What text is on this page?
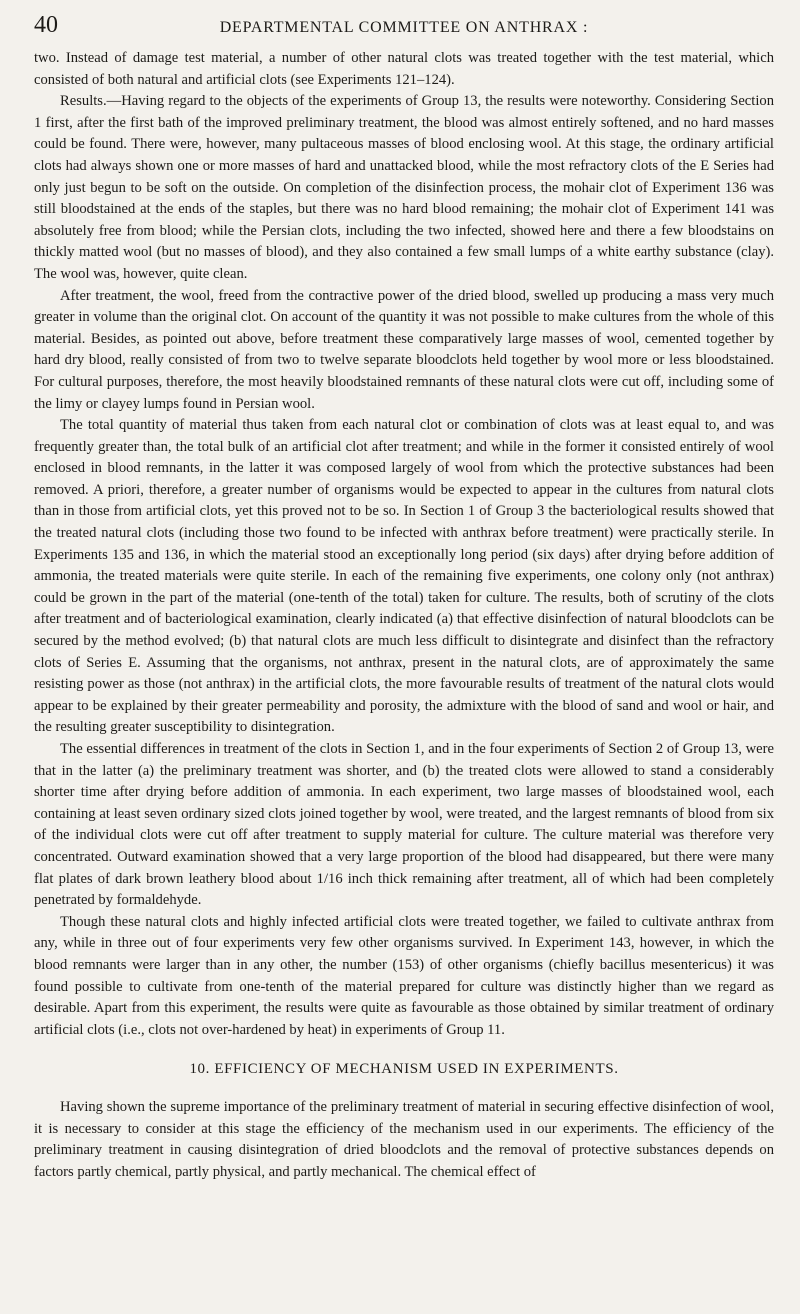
40	DEPARTMENTAL COMMITTEE ON ANTHRAX :

two. Instead of damage test material, a number of other natural clots was treated together with the test material, which consisted of both natural and artificial clots (see Experiments 121–124).

Results.—Having regard to the objects of the experiments of Group 13, the results were noteworthy. Considering Section 1 first, after the first bath of the improved preliminary treatment, the blood was almost entirely softened, and no hard masses could be found. There were, however, many pultaceous masses of blood enclosing wool. At this stage, the ordinary artificial clots had always shown one or more masses of hard and unattacked blood, while the most refractory clots of the E Series had only just begun to be soft on the outside. On completion of the disinfection process, the mohair clot of Experiment 136 was still bloodstained at the ends of the staples, but there was no hard blood remaining; the mohair clot of Experiment 141 was absolutely free from blood; while the Persian clots, including the two infected, showed here and there a few bloodstains on thickly matted wool (but no masses of blood), and they also contained a few small lumps of a white earthy substance (clay). The wool was, however, quite clean.

After treatment, the wool, freed from the contractive power of the dried blood, swelled up producing a mass very much greater in volume than the original clot. On account of the quantity it was not possible to make cultures from the whole of this material. Besides, as pointed out above, before treatment these comparatively large masses of wool, cemented together by hard dry blood, really consisted of from two to twelve separate bloodclots held together by wool more or less bloodstained. For cultural purposes, therefore, the most heavily bloodstained remnants of these natural clots were cut off, including some of the limy or clayey lumps found in Persian wool.

The total quantity of material thus taken from each natural clot or combination of clots was at least equal to, and was frequently greater than, the total bulk of an artificial clot after treatment; and while in the former it consisted entirely of wool enclosed in blood remnants, in the latter it was composed largely of wool from which the protective substances had been removed. A priori, therefore, a greater number of organisms would be expected to appear in the cultures from natural clots than in those from artificial clots, yet this proved not to be so. In Section 1 of Group 3 the bacteriological results showed that the treated natural clots (including those two found to be infected with anthrax before treatment) were practically sterile. In Experiments 135 and 136, in which the material stood an exceptionally long period (six days) after drying before addition of ammonia, the treated materials were quite sterile. In each of the remaining five experiments, one colony only (not anthrax) could be grown in the part of the material (one-tenth of the total) taken for culture. The results, both of scrutiny of the clots after treatment and of bacteriological examination, clearly indicated (a) that effective disinfection of natural bloodclots can be secured by the method evolved; (b) that natural clots are much less difficult to disintegrate and disinfect than the refractory clots of Series E. Assuming that the organisms, not anthrax, present in the natural clots, are of approximately the same resisting power as those (not anthrax) in the artificial clots, the more favourable results of treatment of the natural clots would appear to be explained by their greater permeability and porosity, the admixture with the blood of sand and wool or hair, and the resulting greater susceptibility to disintegration.

The essential differences in treatment of the clots in Section 1, and in the four experiments of Section 2 of Group 13, were that in the latter (a) the preliminary treatment was shorter, and (b) the treated clots were allowed to stand a considerably shorter time after drying before addition of ammonia. In each experiment, two large masses of bloodstained wool, each containing at least seven ordinary sized clots joined together by wool, were treated, and the largest remnants of blood from six of the individual clots were cut off after treatment to supply material for culture. The culture material was therefore very concentrated. Outward examination showed that a very large proportion of the blood had disappeared, but there were many flat plates of dark brown leathery blood about 1/16 inch thick remaining after treatment, all of which had been completely penetrated by formaldehyde.

Though these natural clots and highly infected artificial clots were treated together, we failed to cultivate anthrax from any, while in three out of four experiments very few other organisms survived. In Experiment 143, however, in which the blood remnants were larger than in any other, the number (153) of other organisms (chiefly bacillus mesentericus) it was found possible to cultivate from one-tenth of the material prepared for culture was distinctly higher than we regard as desirable. Apart from this experiment, the results were quite as favourable as those obtained by similar treatment of ordinary artificial clots (i.e., clots not over-hardened by heat) in experiments of Group 11.

10. EFFICIENCY OF MECHANISM USED IN EXPERIMENTS.

Having shown the supreme importance of the preliminary treatment of material in securing effective disinfection of wool, it is necessary to consider at this stage the efficiency of the mechanism used in our experiments. The efficiency of the preliminary treatment in causing disintegration of dried bloodclots and the removal of protective substances depends on factors partly chemical, partly physical, and partly mechanical. The chemical effect of
